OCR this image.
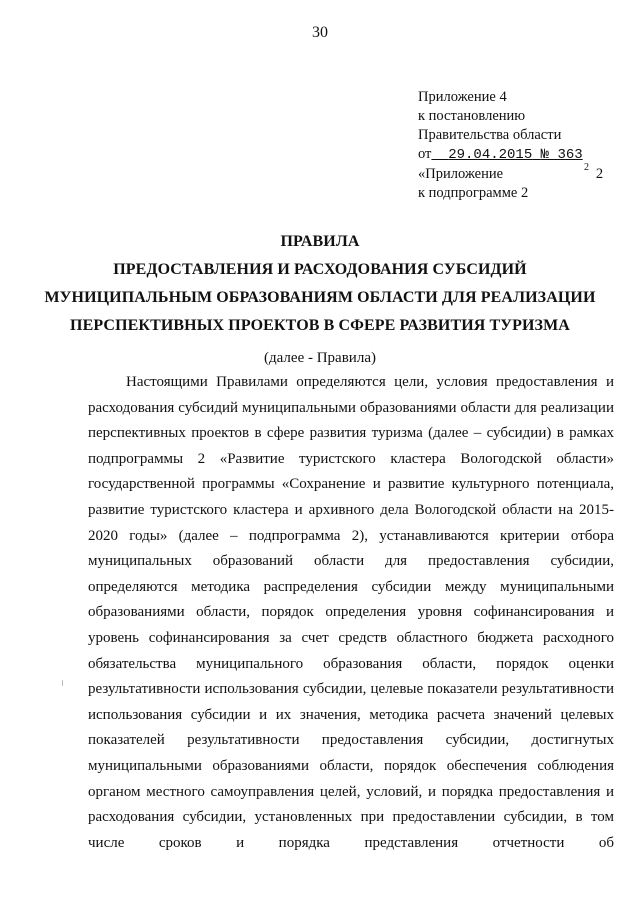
30
Приложение 4
к постановлению
Правительства области
от 29.04.2015 № 363
«Приложение	2
2
к подпрограмме 2
ПРАВИЛА
ПРЕДОСТАВЛЕНИЯ И РАСХОДОВАНИЯ СУБСИДИЙ
МУНИЦИПАЛЬНЫМ ОБРАЗОВАНИЯМ ОБЛАСТИ ДЛЯ РЕАЛИЗАЦИИ
ПЕРСПЕКТИВНЫХ ПРОЕКТОВ В СФЕРЕ РАЗВИТИЯ ТУРИЗМА
(далее - Правила)

Настоящими Правилами определяются цели, условия предоставления и расходования субсидий муниципальными образованиями области для реализации перспективных проектов в сфере развития туризма (далее – субсидии) в рамках подпрограммы 2 «Развитие туристского кластера Вологодской области» государственной программы «Сохранение и развитие культурного потенциала, развитие туристского кластера и архивного дела Вологодской области на 2015-2020 годы» (далее – подпрограмма 2), устанавливаются критерии отбора муниципальных образований области для предоставления субсидии, определяются методика распределения субсидии между муниципальными образованиями области, порядок определения уровня софинансирования и уровень софинансирования за счет средств областного бюджета расходного обязательства муниципального образования области, порядок оценки результативности использования субсидии, целевые показатели результативности использования субсидии и их значения, методика расчета значений целевых показателей результативности предоставления субсидии, достигнутых муниципальными образованиями области, порядок обеспечения соблюдения органом местного самоуправления целей, условий, и порядка предоставления и расходования субсидии, установленных при предоставлении субсидии, в том числе сроков и порядка представления отчетности об
